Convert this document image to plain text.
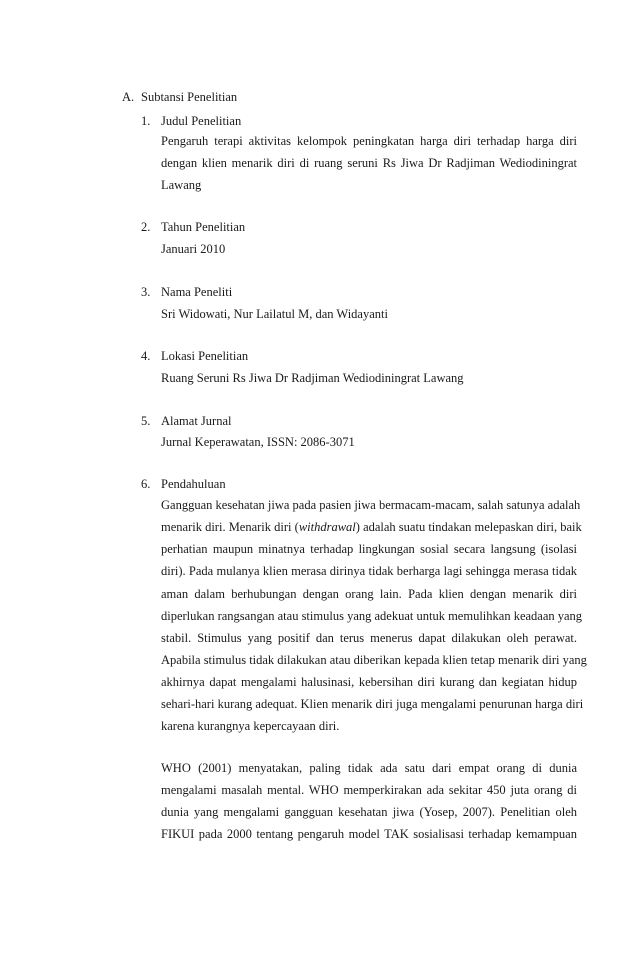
A. Subtansi Penelitian
1. Judul Penelitian
Pengaruh terapi aktivitas kelompok peningkatan harga diri terhadap harga diri
dengan klien menarik diri di ruang seruni Rs Jiwa Dr Radjiman Wediodiningrat
Lawang
2. Tahun Penelitian
Januari 2010
3. Nama Peneliti
Sri Widowati, Nur Lailatul M, dan Widayanti
4. Lokasi Penelitian
Ruang Seruni Rs Jiwa Dr Radjiman Wediodiningrat Lawang
5. Alamat Jurnal
Jurnal Keperawatan, ISSN: 2086-3071
6. Pendahuluan
Gangguan kesehatan jiwa pada pasien jiwa bermacam-macam, salah satunya adalah
menarik diri. Menarik diri (withdrawal) adalah suatu tindakan melepaskan diri, baik
perhatian maupun minatnya terhadap lingkungan sosial secara langsung (isolasi
diri). Pada mulanya klien merasa dirinya tidak berharga lagi sehingga merasa tidak
aman dalam berhubungan dengan orang lain. Pada klien dengan menarik diri
diperlukan rangsangan atau stimulus yang adekuat untuk memulihkan keadaan yang
stabil. Stimulus yang positif dan terus menerus dapat dilakukan oleh perawat.
Apabila stimulus tidak dilakukan atau diberikan kepada klien tetap menarik diri yang
akhirnya dapat mengalami halusinasi, kebersihan diri kurang dan kegiatan hidup
sehari-hari kurang adequat. Klien menarik diri juga mengalami penurunan harga diri
karena kurangnya kepercayaan diri.
WHO (2001) menyatakan, paling tidak ada satu dari empat orang di dunia
mengalami masalah mental. WHO memperkirakan ada sekitar 450 juta orang di
dunia yang mengalami gangguan kesehatan jiwa (Yosep, 2007). Penelitian oleh
FIKUI pada 2000 tentang pengaruh model TAK sosialisasi terhadap kemampuan
